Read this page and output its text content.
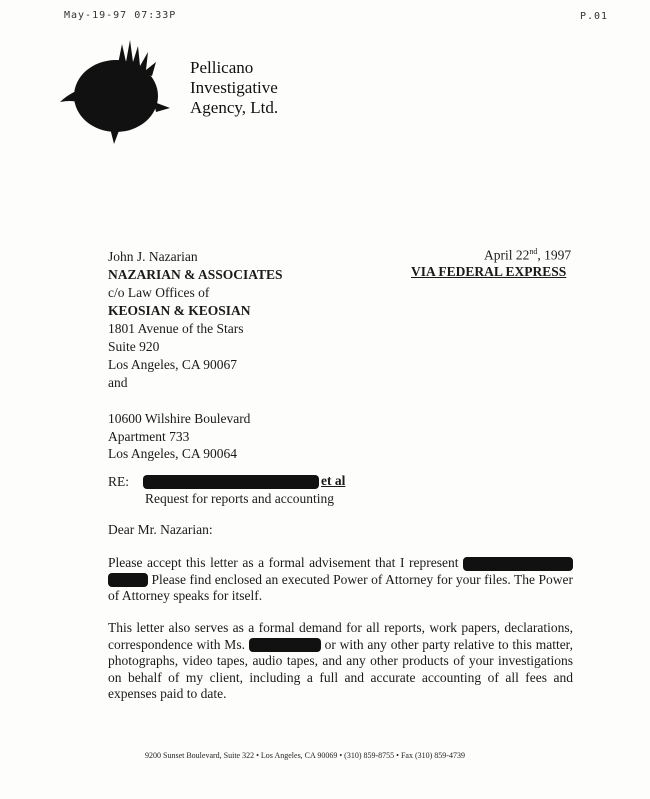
May-19-97 07:33P	P.01
Pellicano
Investigative
Agency, Ltd.
John J. Nazarian
NAZARIAN & ASSOCIATES
c/o Law Offices of
KEOSIAN & KEOSIAN
1801 Avenue of the Stars
Suite 920
Los Angeles, CA 90067
April 22nd, 1997
VIA FEDERAL EXPRESS
and
10600 Wilshire Boulevard
Apartment 733
Los Angeles, CA 90064
RE:	et al
Request for reports and accounting
Dear Mr. Nazarian:
Please accept this letter as a formal advisement that I represent   Please find enclosed an executed Power of Attorney for your files. The Power of Attorney speaks for itself.
This letter also serves as a formal demand for all reports, work papers, declarations, correspondence with Ms.	or with any other party relative to this matter, photographs, video tapes, audio tapes, and any other products of your investigations on behalf of my client, including a full and accurate accounting of all fees and expenses paid to date.
9200 Sunset Boulevard, Suite 322 • Los Angeles, CA 90069 • (310) 859-8755 • Fax (310) 859-4739
